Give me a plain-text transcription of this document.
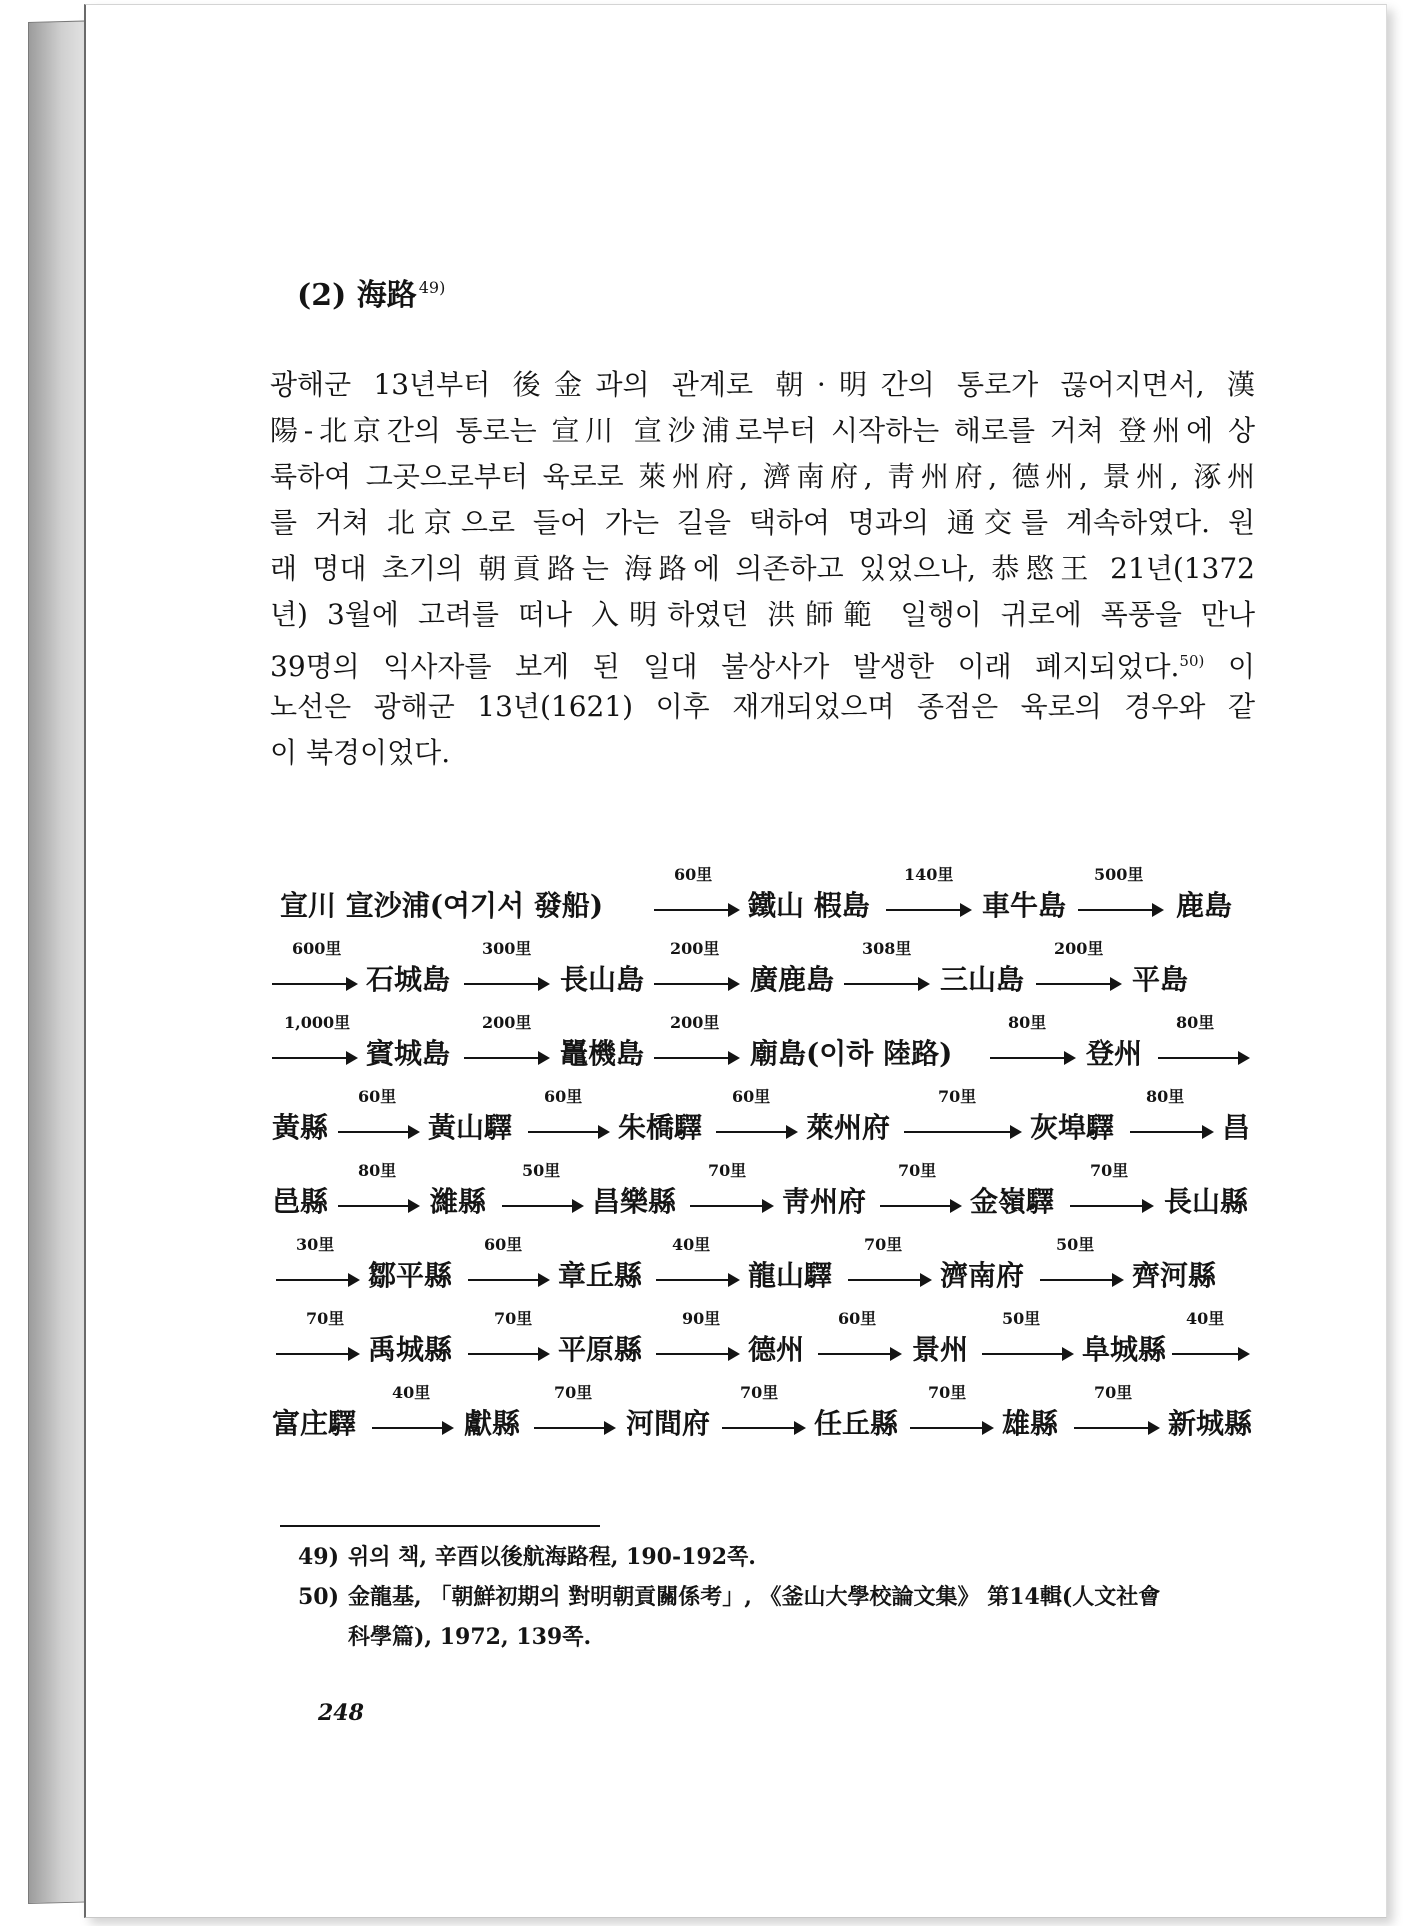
(2) 海路 $^{49)}$
광해군 13년부터 後金과의 관계로 朝·明간의 통로가 끊어지면서, 漢
陽-北京간의 통로는 宣川 宣沙浦로부터 시작하는 해로를 거쳐 登州에 상
륙하여 그곳으로부터 육로로 萊州府, 濟南府, 靑州府, 德州, 景州, 涿州
를 거쳐 北京으로 들어 가는 길을 택하여 명과의 通交를 계속하였다. 원
래 명대 초기의 朝貢路는 海路에 의존하고 있었으나, 恭愍王 21년(1372
년) 3월에 고려를 떠나 入明하였던 洪師範 일행이 귀로에 폭풍을 만나
39명의 익사자를 보게 된 일대 불상사가 발생한 이래 폐지되었다.$^{50)}$ 이
노선은 광해군 13년(1621) 이후 재개되었으며 종점은 육로의 경우와 같
이 북경이었다.
宣川 宣沙浦(여기서 發船)
60里
鐵山 椵島
140里
車牛島
500里
鹿島
600里
石城島
300里
長山島
200里
廣鹿島
308里
三山島
200里
平島
1,000里
賓城島
200里
鼉機島
200里
廟島(이하 陸路)
80里
登州
80里
黃縣
60里
黃山驛
60里
朱橋驛
60里
萊州府
70里
灰埠驛
80里
昌
邑縣
80里
濰縣
50里
昌樂縣
70里
靑州府
70里
金嶺驛
70里
長山縣
30里
鄒平縣
60里
章丘縣
40里
龍山驛
70里
濟南府
50里
齊河縣
70里
禹城縣
70里
平原縣
90里
德州
60里
景州
50里
阜城縣
40里
富庄驛
40里
獻縣
70里
河間府
70里
任丘縣
70里
雄縣
70里
新城縣
49) 위의 책, 辛酉以後航海路程, 190-192쪽.
50) 金龍基, 「朝鮮初期의 對明朝貢關係考」, 《釜山大學校論文集》 第14輯(人文社會
科學篇), 1972, 139쪽.
248
